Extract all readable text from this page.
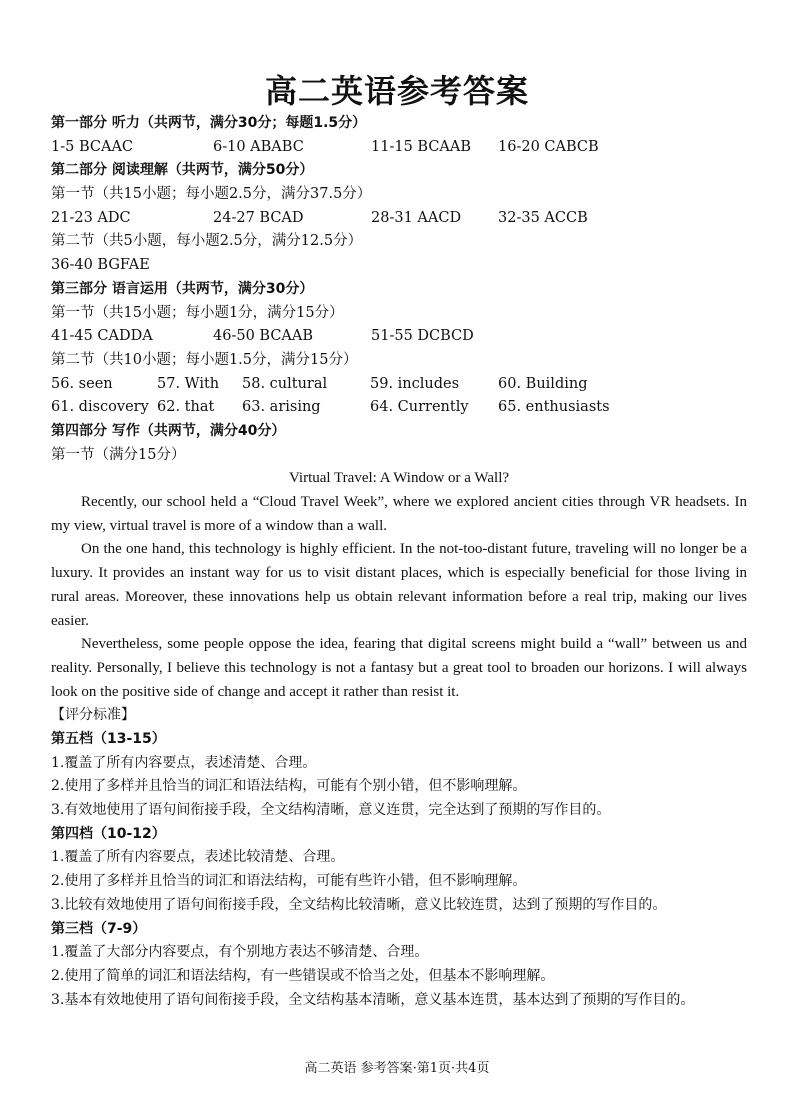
高二英语参考答案
第一部分 听力（共两节，满分30分；每题1.5分）
1-5 BCAAC	6-10 ABABC	11-15 BCAAB 16-20 CABCB
第二部分 阅读理解（共两节，满分50分）
第一节（共15小题；每小题2.5分，满分37.5分）
21-23 ADC	24-27 BCAD	28-31 AACD	32-35 ACCB
第二节（共5小题，每小题2.5分，满分12.5分）
36-40 BGFAE
第三部分 语言运用（共两节，满分30分）
第一节（共15小题；每小题1分，满分15分）
41-45 CADDA	46-50 BCAAB	51-55 DCBCD
第二节（共10小题；每小题1.5分，满分15分）
56. seen	57. With 58. cultural	59. includes	60. Building
61. discovery 62. that 63. arising	64. Currently 65. enthusiasts
第四部分 写作（共两节，满分40分）
第一节（满分15分）
Virtual Travel: A Window or a Wall?
Recently, our school held a “Cloud Travel Week”, where we explored ancient cities through VR headsets. In my view, virtual travel is more of a window than a wall.
On the one hand, this technology is highly efficient. In the not-too-distant future, traveling will no longer be a luxury. It provides an instant way for us to visit distant places, which is especially beneficial for those living in rural areas. Moreover, these innovations help us obtain relevant information before a real trip, making our lives easier.
Nevertheless, some people oppose the idea, fearing that digital screens might build a “wall” between us and reality. Personally, I believe this technology is not a fantasy but a great tool to broaden our horizons. I will always look on the positive side of change and accept it rather than resist it.
【评分标准】
第五档（13-15）
1.覆盖了所有内容要点，表述清楚、合理。
2.使用了多样并且恰当的词汇和语法结构，可能有个别小错，但不影响理解。
3.有效地使用了语句间衔接手段，全文结构清晰，意义连贯，完全达到了预期的写作目的。
第四档（10-12）
1.覆盖了所有内容要点，表述比较清楚、合理。
2.使用了多样并且恰当的词汇和语法结构，可能有些许小错，但不影响理解。
3.比较有效地使用了语句间衔接手段，全文结构比较清晰，意义比较连贯，达到了预期的写作目的。
第三档（7-9）
1.覆盖了大部分内容要点，有个别地方表达不够清楚、合理。
2.使用了简单的词汇和语法结构，有一些错误或不恰当之处，但基本不影响理解。
3.基本有效地使用了语句间衔接手段，全文结构基本清晰，意义基本连贯，基本达到了预期的写作目的。
高二英语 参考答案·第1页·共4页
